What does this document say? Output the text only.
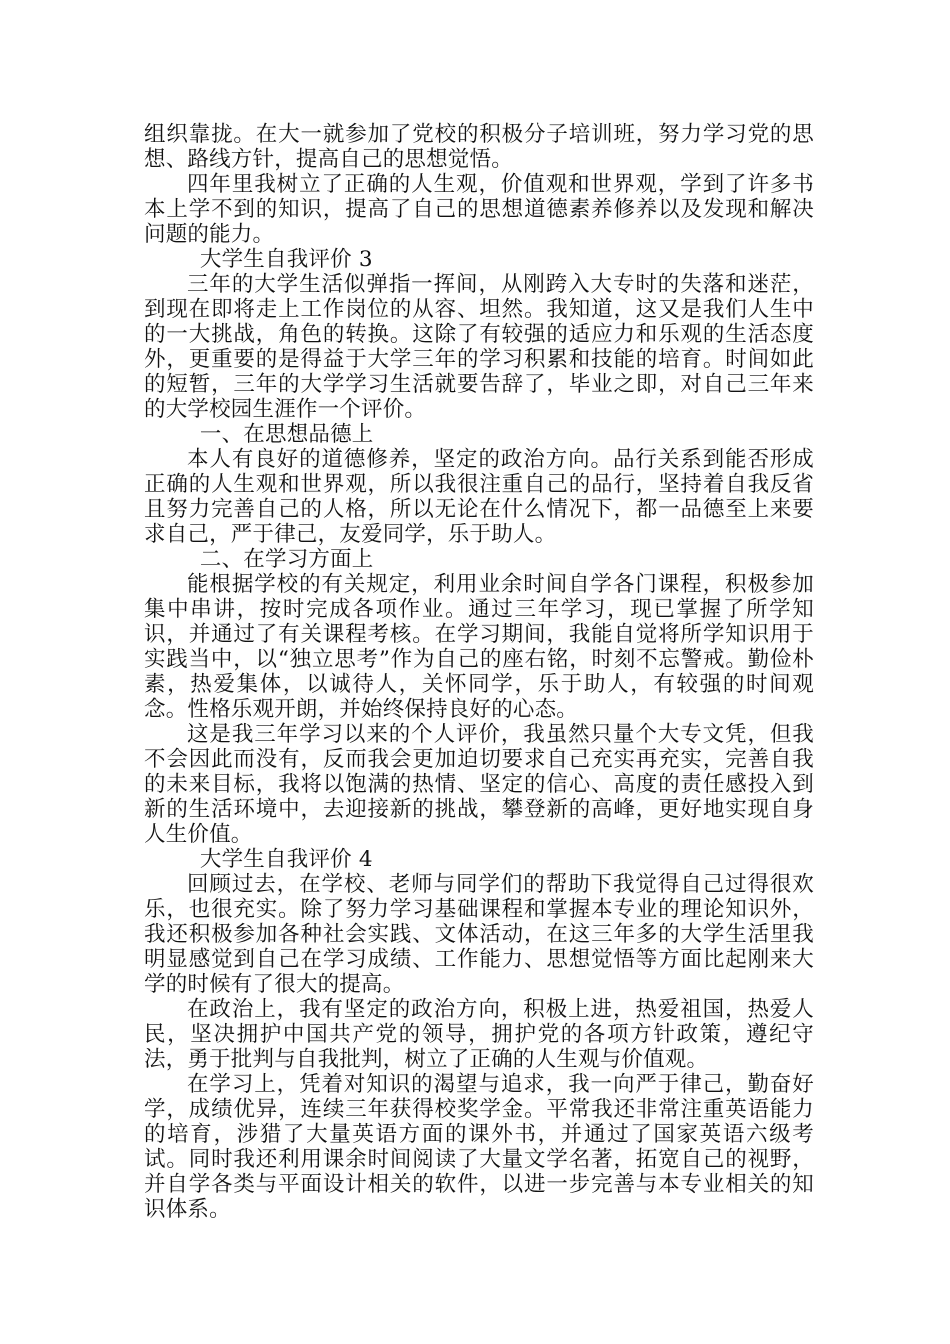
组织靠拢。在大一就参加了党校的积极分子培训班，努力学习党的思想、路线方针，提高自己的思想觉悟。

四年里我树立了正确的人生观，价值观和世界观，学到了许多书本上学不到的知识，提高了自己的思想道德素养修养以及发现和解决问题的能力。

大学生自我评价 3

三年的大学生活似弹指一挥间，从刚跨入大专时的失落和迷茫，到现在即将走上工作岗位的从容、坦然。我知道，这又是我们人生中的一大挑战，角色的转换。这除了有较强的适应力和乐观的生活态度外，更重要的是得益于大学三年的学习积累和技能的培育。时间如此的短暂，三年的大学学习生活就要告辞了，毕业之即，对自己三年来的大学校园生涯作一个评价。

一、在思想品德上

本人有良好的道德修养，坚定的政治方向。品行关系到能否形成正确的人生观和世界观，所以我很注重自己的品行，坚持着自我反省且努力完善自己的人格，所以无论在什么情况下，都一品德至上来要求自己，严于律己，友爱同学，乐于助人。

二、在学习方面上

能根据学校的有关规定，利用业余时间自学各门课程，积极参加集中串讲，按时完成各项作业。通过三年学习，现已掌握了所学知识，并通过了有关课程考核。在学习期间，我能自觉将所学知识用于实践当中，以“独立思考”作为自己的座右铭，时刻不忘警戒。勤俭朴素，热爱集体，以诚待人，关怀同学，乐于助人，有较强的时间观念。性格乐观开朗，并始终保持良好的心态。

这是我三年学习以来的个人评价，我虽然只量个大专文凭，但我不会因此而没有，反而我会更加迫切要求自己充实再充实，完善自我的未来目标，我将以饱满的热情、坚定的信心、高度的责任感投入到新的生活环境中，去迎接新的挑战，攀登新的高峰，更好地实现自身人生价值。

大学生自我评价 4

回顾过去，在学校、老师与同学们的帮助下我觉得自己过得很欢乐，也很充实。除了努力学习基础课程和掌握本专业的理论知识外，我还积极参加各种社会实践、文体活动，在这三年多的大学生活里我明显感觉到自己在学习成绩、工作能力、思想觉悟等方面比起刚来大学的时候有了很大的提高。

在政治上，我有坚定的政治方向，积极上进，热爱祖国，热爱人民，坚决拥护中国共产党的领导，拥护党的各项方针政策，遵纪守法，勇于批判与自我批判，树立了正确的人生观与价值观。

在学习上，凭着对知识的渴望与追求，我一向严于律己，勤奋好学，成绩优异，连续三年获得校奖学金。平常我还非常注重英语能力的培育，涉猎了大量英语方面的课外书，并通过了国家英语六级考试。同时我还利用课余时间阅读了大量文学名著，拓宽自己的视野，并自学各类与平面设计相关的软件，以进一步完善与本专业相关的知识体系。
